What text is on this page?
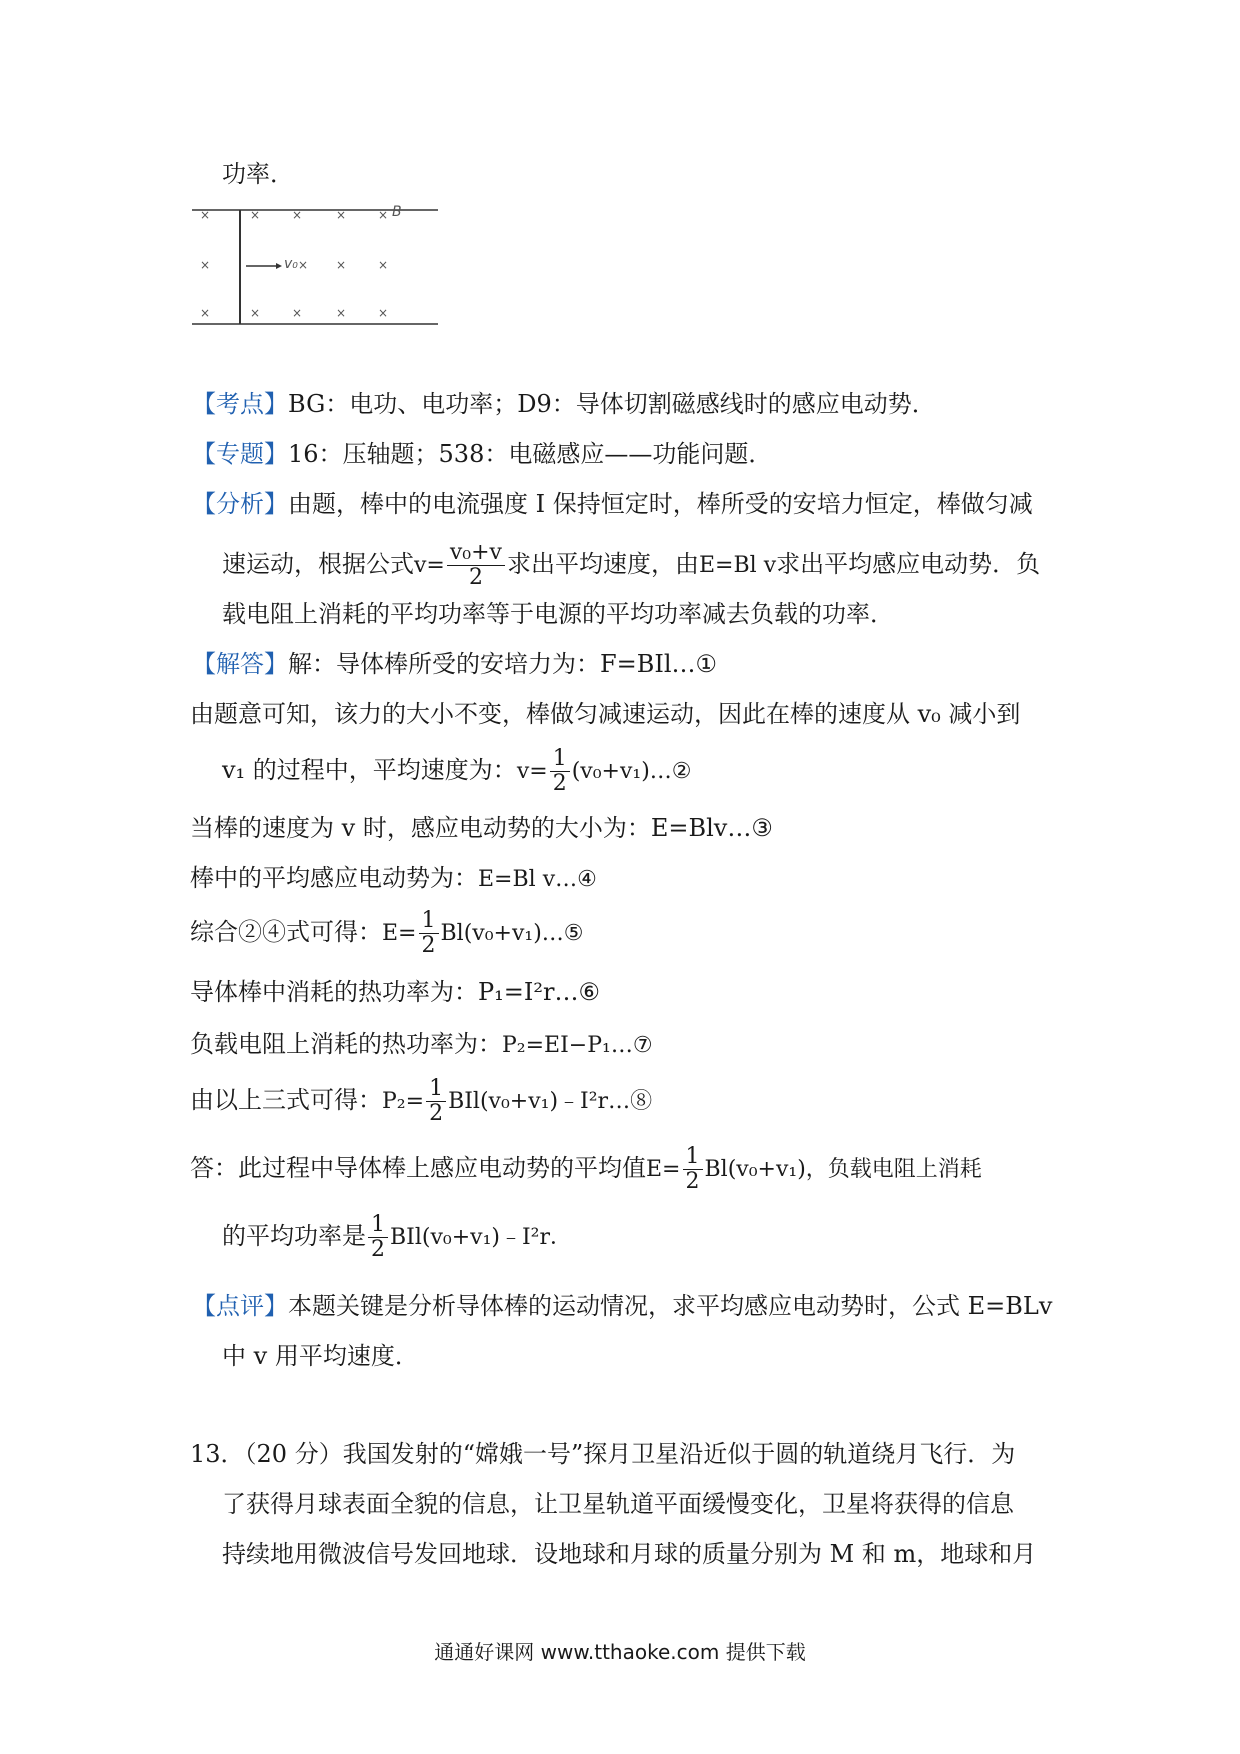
功率．
×	×	×	×	× B
×	v₀ × ×	×
×	×	×	×	×
【考点】BG：电功、电功率；D9：导体切割磁感线时的感应电动势．
【专题】16：压轴题；538：电磁感应——功能问题．
【分析】由题，棒中的电流强度 I 保持恒定时，棒所受的安培力恒定，棒做匀减
速运动，根据公式$v= \frac{\text{v₀+v}}{2}$ 求出平均速度，由E=Bl v求出平均感应电动势．负
载电阻上消耗的平均功率等于电源的平均功率减去负载的功率．
【解答】解：导体棒所受的安培力为：F=BIl…①
由题意可知，该力的大小不变，棒做匀减速运动，因此在棒的速度从 v₀ 减小到
v₁ 的过程中，平均速度为：$v= \frac{1}{2}$ (v₀+v₁)…②
当棒的速度为 v 时，感应电动势的大小为：E=Blv…③
棒中的平均感应电动势为：E=Bl v…④
综合②④式可得：$E= \frac{1}{2}$ Bl(v₀+v₁)…⑤
导体棒中消耗的热功率为：P₁=I²r…⑥
负载电阻上消耗的热功率为：P₂=EI−P₁…⑦
由以上三式可得：$P_2= \frac{1}{2}$ BIl(v₀+v₁)﹣I²r…⑧
答：此过程中导体棒上感应电动势的平均值$E= \frac{1}{2} Bl(v_0+v_1)$，负载电阻上消耗
的平均功率是 $\frac{1}{2}$ BIl(v₀+v₁)﹣I²r．
【点评】本题关键是分析导体棒的运动情况，求平均感应电动势时，公式 E=BLv
中 v 用平均速度．
13．（20 分）我国发射的“嫦娥一号”探月卫星沿近似于圆的轨道绕月飞行．为
了获得月球表面全貌的信息，让卫星轨道平面缓慢变化，卫星将获得的信息
持续地用微波信号发回地球．设地球和月球的质量分别为 M 和 m，地球和月
通通好课网 www.tthaoke.com 提供下载
